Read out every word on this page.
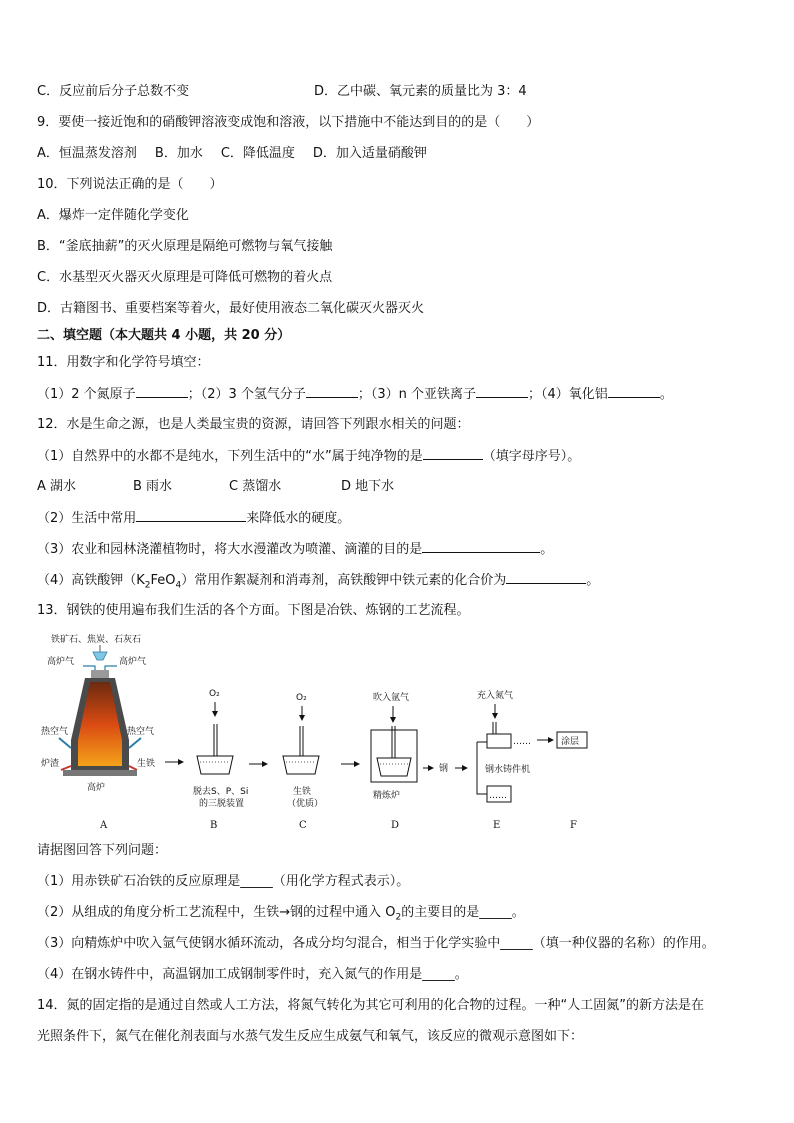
C．反应前后分子总数不变	D．乙中碳、氧元素的质量比为 3：4
9．要使一接近饱和的硝酸钾溶液变成饱和溶液，以下措施中不能达到目的的是（　　）
A．恒温蒸发溶剂 B．加水 C．降低温度 D．加入适量硝酸钾
10．下列说法正确的是（　　）
A．爆炸一定伴随化学变化
B．“釜底抽薪”的灭火原理是隔绝可燃物与氧气接触
C．水基型灭火器灭火原理是可降低可燃物的着火点
D．古籍图书、重要档案等着火，最好使用液态二氧化碳灭火器灭火
二、填空题（本大题共 4 小题，共 20 分）
11．用数字和化学符号填空：
（1）2 个氮原子	；（2）3 个氢气分子	；（3）n 个亚铁离子	；（4）氧化铝	。
12．水是生命之源，也是人类最宝贵的资源，请回答下列跟水相关的问题：
（1）自然界中的水都不是纯水，下列生活中的“水”属于纯净物的是	（填字母序号）。
A 湖水	B 雨水	C 蒸馏水	D 地下水
（2）生活中常用	来降低水的硬度。
（3）农业和园林浇灌植物时，将大水漫灌改为喷灌、滴灌的目的是	。
（4）高铁酸钾$(K_2FeO_4)$常用作絮凝剂和消毒剂，高铁酸钾中铁元素的化合价为	。
13．钢铁的使用遍布我们生活的各个方面。下图是冶铁、炼钢的工艺流程。
铁矿石、焦炭、石灰石
高炉气	高炉气
热空气	热空气
炉渣	生铁
高炉
O₂
脱去S、P、Si
的三脱装置
O₂
生铁
（优质）
吹入氩气
精炼炉
钢
充入氮气
钢水铸件机
……
……
涂层
A	B	C	D	E	F
请据图回答下列问题：
（1）用赤铁矿石冶铁的反应原理是_____（用化学方程式表示）。
（2）从组成的角度分析工艺流程中，生铁→钢的过程中通入 $O_2$的主要目的是_____。
（3）向精炼炉中吹入氩气使钢水循环流动，各成分均匀混合，相当于化学实验中_____（填一种仪器的名称）的作用。
（4）在钢水铸件中，高温钢加工成钢制零件时，充入氮气的作用是_____。
14．氮的固定指的是通过自然或人工方法，将氮气转化为其它可利用的化合物的过程。一种“人工固氮”的新方法是在
光照条件下，氮气在催化剂表面与水蒸气发生反应生成氨气和氧气，该反应的微观示意图如下：
